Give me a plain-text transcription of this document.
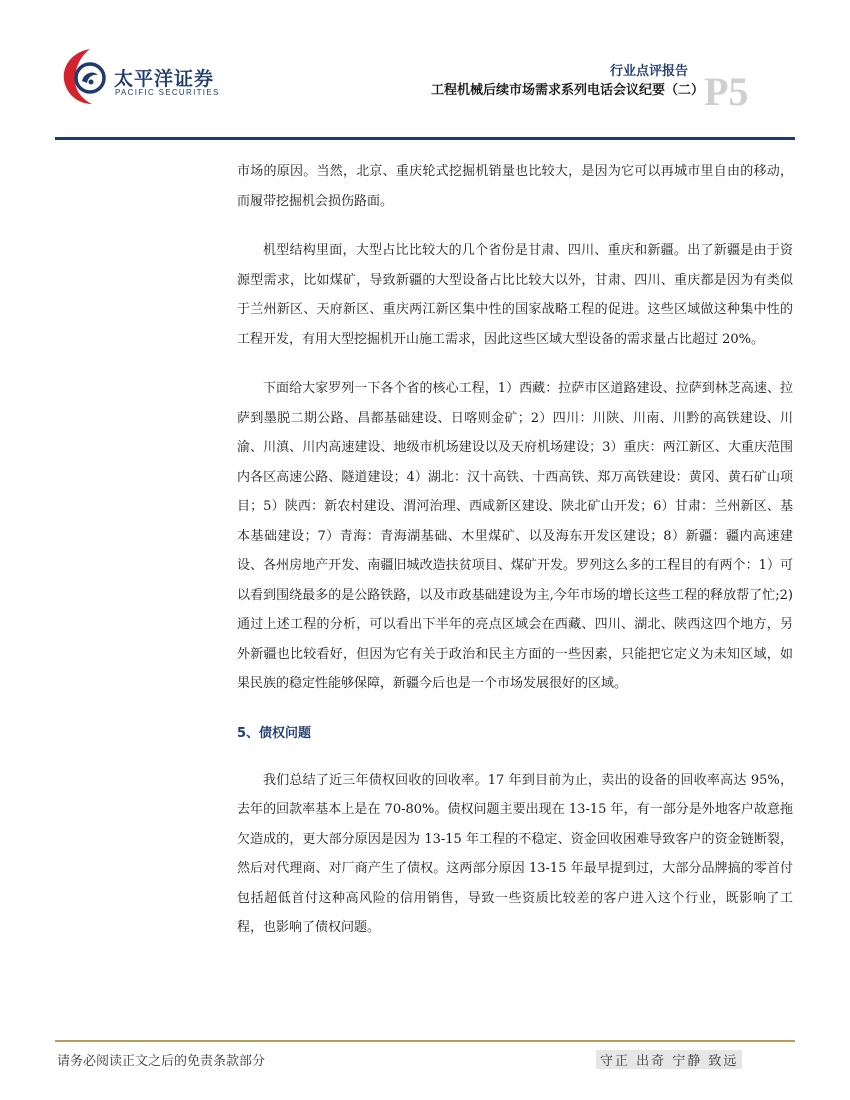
太平洋证券
PACIFIC SECURITIES
行业点评报告
工程机械后续市场需求系列电话会议纪要（二） P5

市场的原因。当然，北京、重庆轮式挖掘机销量也比较大，是因为它可以再城市里自由的移动，而履带挖掘机会损伤路面。

机型结构里面，大型占比比较大的几个省份是甘肃、四川、重庆和新疆。出了新疆是由于资源型需求，比如煤矿，导致新疆的大型设备占比比较大以外，甘肃、四川、重庆都是因为有类似于兰州新区、天府新区、重庆两江新区集中性的国家战略工程的促进。这些区域做这种集中性的工程开发，有用大型挖掘机开山施工需求，因此这些区域大型设备的需求量占比超过 20%。

下面给大家罗列一下各个省的核心工程，1）西藏：拉萨市区道路建设、拉萨到林芝高速、拉萨到墨脱二期公路、昌都基础建设、日喀则金矿；2）四川：川陕、川南、川黔的高铁建设、川渝、川滇、川内高速建设、地级市机场建设以及天府机场建设；3）重庆：两江新区、大重庆范围内各区高速公路、隧道建设；4）湖北：汉十高铁、十西高铁、郑万高铁建设：黄冈、黄石矿山项目；5）陕西：新农村建设、渭河治理、西咸新区建设、陕北矿山开发；6）甘肃：兰州新区、基本基础建设；7）青海：青海湖基础、木里煤矿、以及海东开发区建设；8）新疆：疆内高速建设、各州房地产开发、南疆旧城改造扶贫项目、煤矿开发。罗列这么多的工程目的有两个：1）可以看到围绕最多的是公路铁路，以及市政基础建设为主,今年市场的增长这些工程的释放帮了忙;2)通过上述工程的分析，可以看出下半年的亮点区域会在西藏、四川、湖北、陕西这四个地方，另外新疆也比较看好，但因为它有关于政治和民主方面的一些因素，只能把它定义为未知区域，如果民族的稳定性能够保障，新疆今后也是一个市场发展很好的区域。

5、债权问题

我们总结了近三年债权回收的回收率。17 年到目前为止，卖出的设备的回收率高达 95%，去年的回款率基本上是在 70-80%。债权问题主要出现在 13-15 年，有一部分是外地客户故意拖欠造成的，更大部分原因是因为 13-15 年工程的不稳定、资金回收困难导致客户的资金链断裂，然后对代理商、对厂商产生了债权。这两部分原因 13-15 年最早提到过，大部分品牌搞的零首付包括超低首付这种高风险的信用销售，导致一些资质比较差的客户进入这个行业，既影响了工程，也影响了债权问题。

请务必阅读正文之后的免责条款部分	守正 出奇 宁静 致远
